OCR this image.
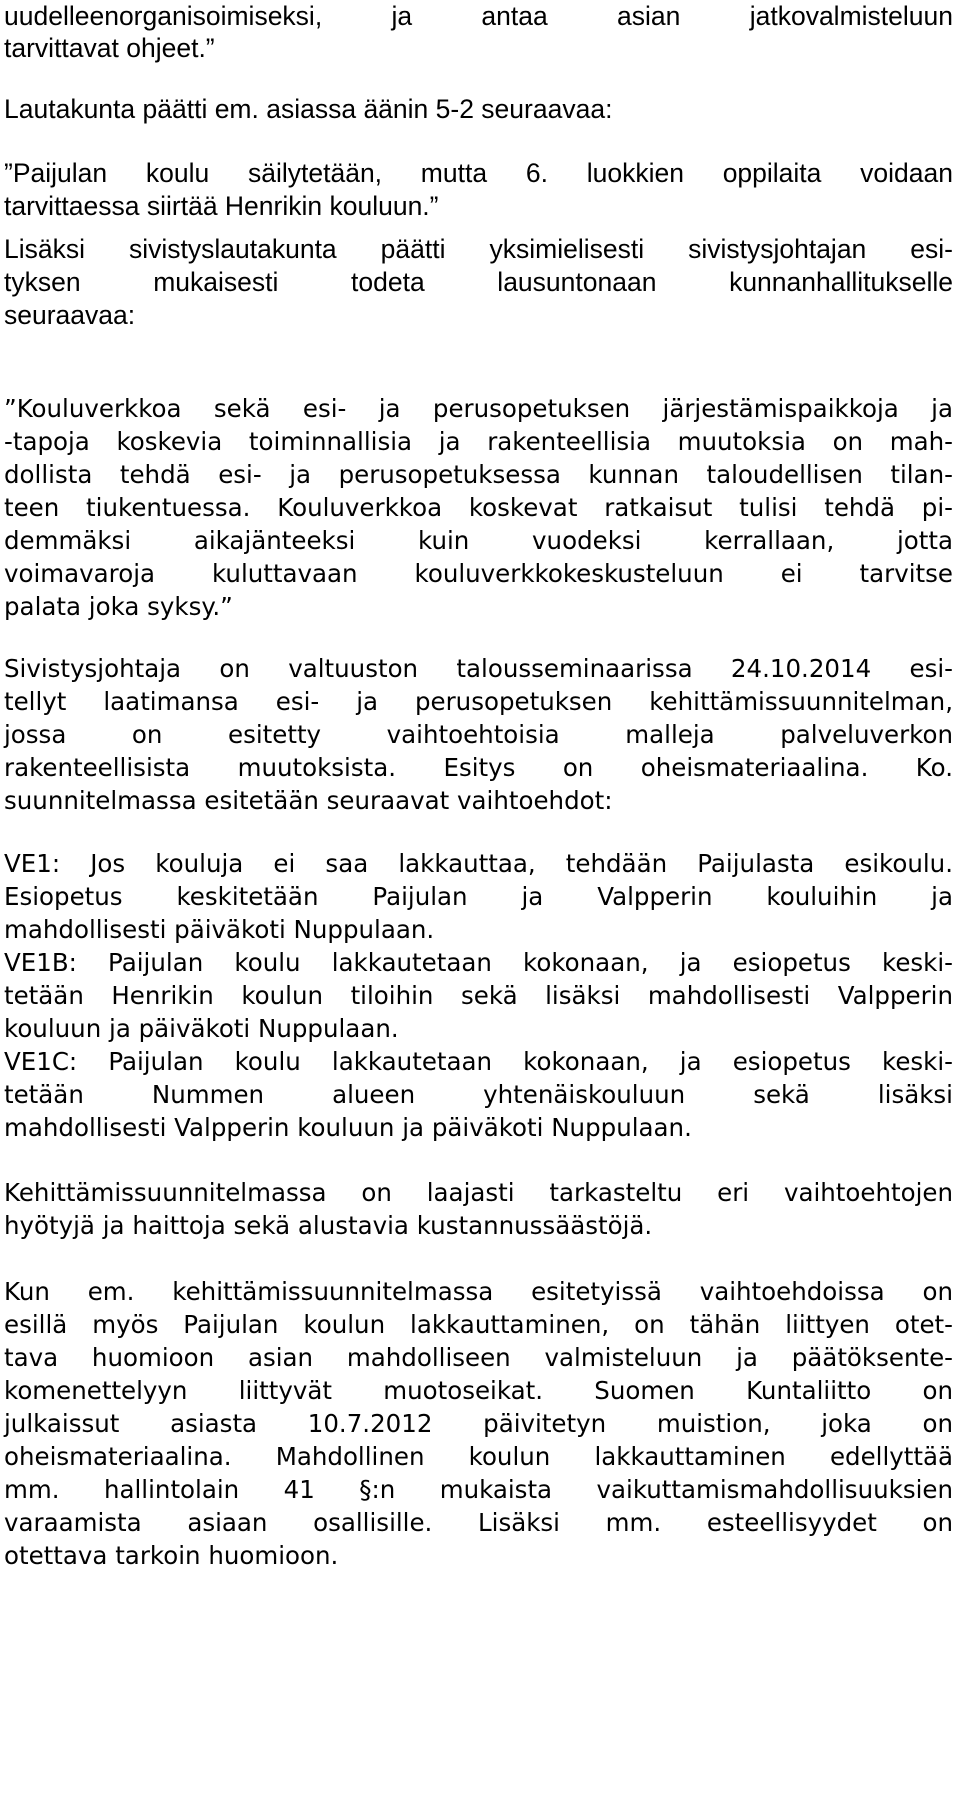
uudelleenorganisoimiseksi, ja antaa asian jatkovalmisteluun
tarvittavat ohjeet.”
Lautakunta päätti em. asiassa äänin 5-2 seuraavaa:
”Paijulan koulu säilytetään, mutta 6. luokkien oppilaita voidaan
tarvittaessa siirtää Henrikin kouluun.”
Lisäksi sivistyslautakunta päätti yksimielisesti sivistysjohtajan esi-
tyksen mukaisesti todeta lausuntonaan kunnanhallitukselle
seuraavaa:
”Kouluverkkoa sekä esi- ja perusopetuksen järjestämispaikkoja ja
-tapoja koskevia toiminnallisia ja rakenteellisia muutoksia on mah-
dollista tehdä esi- ja perusopetuksessa kunnan taloudellisen tilan-
teen tiukentuessa. Kouluverkkoa koskevat ratkaisut tulisi tehdä pi-
demmäksi aikajänteeksi kuin vuodeksi kerrallaan, jotta
voimavaroja kuluttavaan kouluverkkokeskusteluun ei tarvitse
palata joka syksy.”
Sivistysjohtaja on valtuuston talousseminaarissa 24.10.2014 esi-
tellyt laatimansa esi- ja perusopetuksen kehittämissuunnitelman,
jossa on esitetty vaihtoehtoisia malleja palveluverkon
rakenteellisista muutoksista. Esitys on oheismateriaalina. Ko.
suunnitelmassa esitetään seuraavat vaihtoehdot:
VE1: Jos kouluja ei saa lakkauttaa, tehdään Paijulasta esikoulu.
Esiopetus keskitetään Paijulan ja Valpperin kouluihin ja
mahdollisesti päiväkoti Nuppulaan.
VE1B: Paijulan koulu lakkautetaan kokonaan, ja esiopetus keski-
tetään Henrikin koulun tiloihin sekä lisäksi mahdollisesti Valpperin
kouluun ja päiväkoti Nuppulaan.
VE1C: Paijulan koulu lakkautetaan kokonaan, ja esiopetus keski-
tetään Nummen alueen yhtenäiskouluun sekä lisäksi
mahdollisesti Valpperin kouluun ja päiväkoti Nuppulaan.
Kehittämissuunnitelmassa on laajasti tarkasteltu eri vaihtoehtojen
hyötyjä ja haittoja sekä alustavia kustannussäästöjä.
Kun em. kehittämissuunnitelmassa esitetyissä vaihtoehdoissa on
esillä myös Paijulan koulun lakkauttaminen, on tähän liittyen otet-
tava huomioon asian mahdolliseen valmisteluun ja päätöksente-
komenettelyyn liittyvät muotoseikat. Suomen Kuntaliitto on
julkaissut asiasta 10.7.2012 päivitetyn muistion, joka on
oheismateriaalina. Mahdollinen koulun lakkauttaminen edellyttää
mm. hallintolain 41 §:n mukaista vaikuttamismahdollisuuksien
varaamista asiaan osallisille. Lisäksi mm. esteellisyydet on
otettava tarkoin huomioon.
